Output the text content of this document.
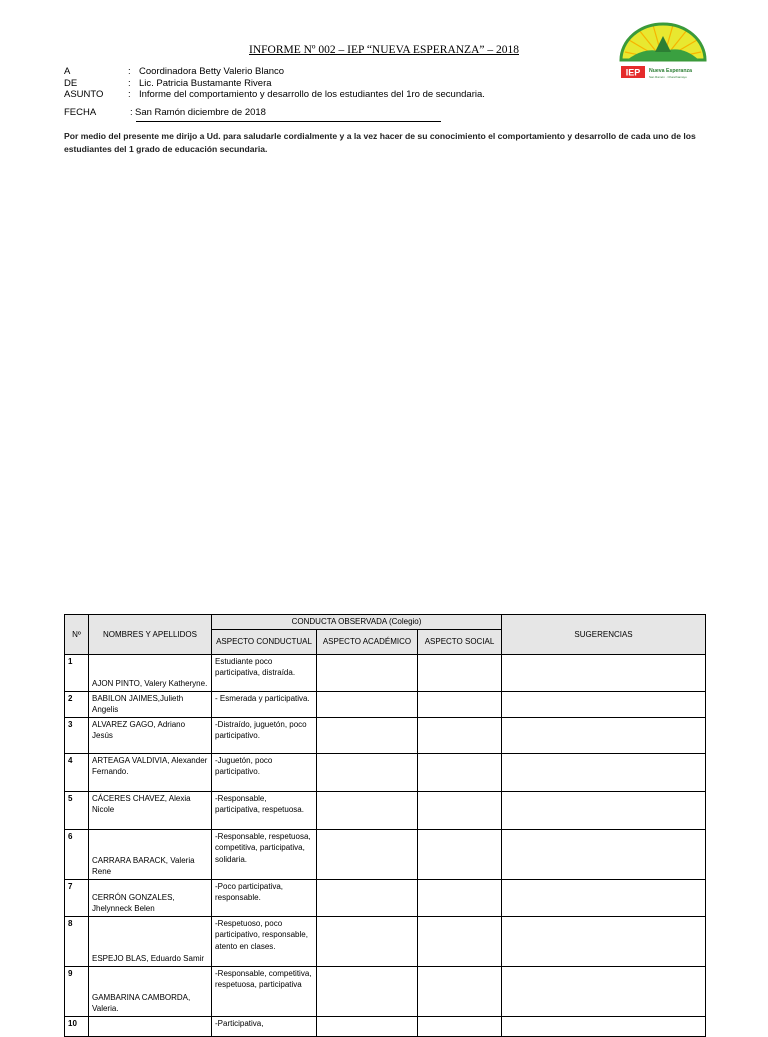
INFORME Nº 002 – IEP “NUEVA ESPERANZA” – 2018
IEP Nueva Esperanza
San Ramón · Chanchamayo
A	: Coordinadora Betty Valerio Blanco
DE	: Lic. Patricia Bustamante Rivera
ASUNTO	: Informe del comportamiento y desarrollo de los estudiantes del 1ro de secundaria.
FECHA	: San Ramón diciembre de 2018

Por medio del presente me dirijo a Ud. para saludarle cordialmente y a la vez hacer de su conocimiento el comportamiento y desarrollo de cada uno de los estudiantes del 1 grado de educación secundaria.

Nº	NOMBRES Y APELLIDOS	CONDUCTA OBSERVADA (Colegio)			SUGERENCIAS
		ASPECTO CONDUCTUAL	ASPECTO ACADÉMICO	ASPECTO SOCIAL	
1	AJON PINTO, Valery Katheryne.	Estudiante poco participativa, distraída.			
2	BABILON JAIMES,Julieth Angelis	- Esmerada y participativa.			
3	ALVAREZ GAGO, Adriano Jesús	-Distraído, juguetón, poco participativo.			
4	ARTEAGA VALDIVIA, Alexander Fernando.	-Juguetón, poco participativo.			
5	CÁCERES CHAVEZ, Alexia Nicole	-Responsable, participativa, respetuosa.			
6	CARRARA BARACK, Valeria Rene	-Responsable, respetuosa, competitiva, participativa, solidaria.			
7	CERRÓN GONZALES, Jhelynneck Belen	-Poco participativa, responsable.			
8	ESPEJO BLAS, Eduardo Samir	-Respetuoso, poco participativo, responsable, atento en clases.			
9	GAMBARINA CAMBORDA, Valeria.	-Responsable, competitiva, respetuosa, participativa			
10		-Participativa,			
